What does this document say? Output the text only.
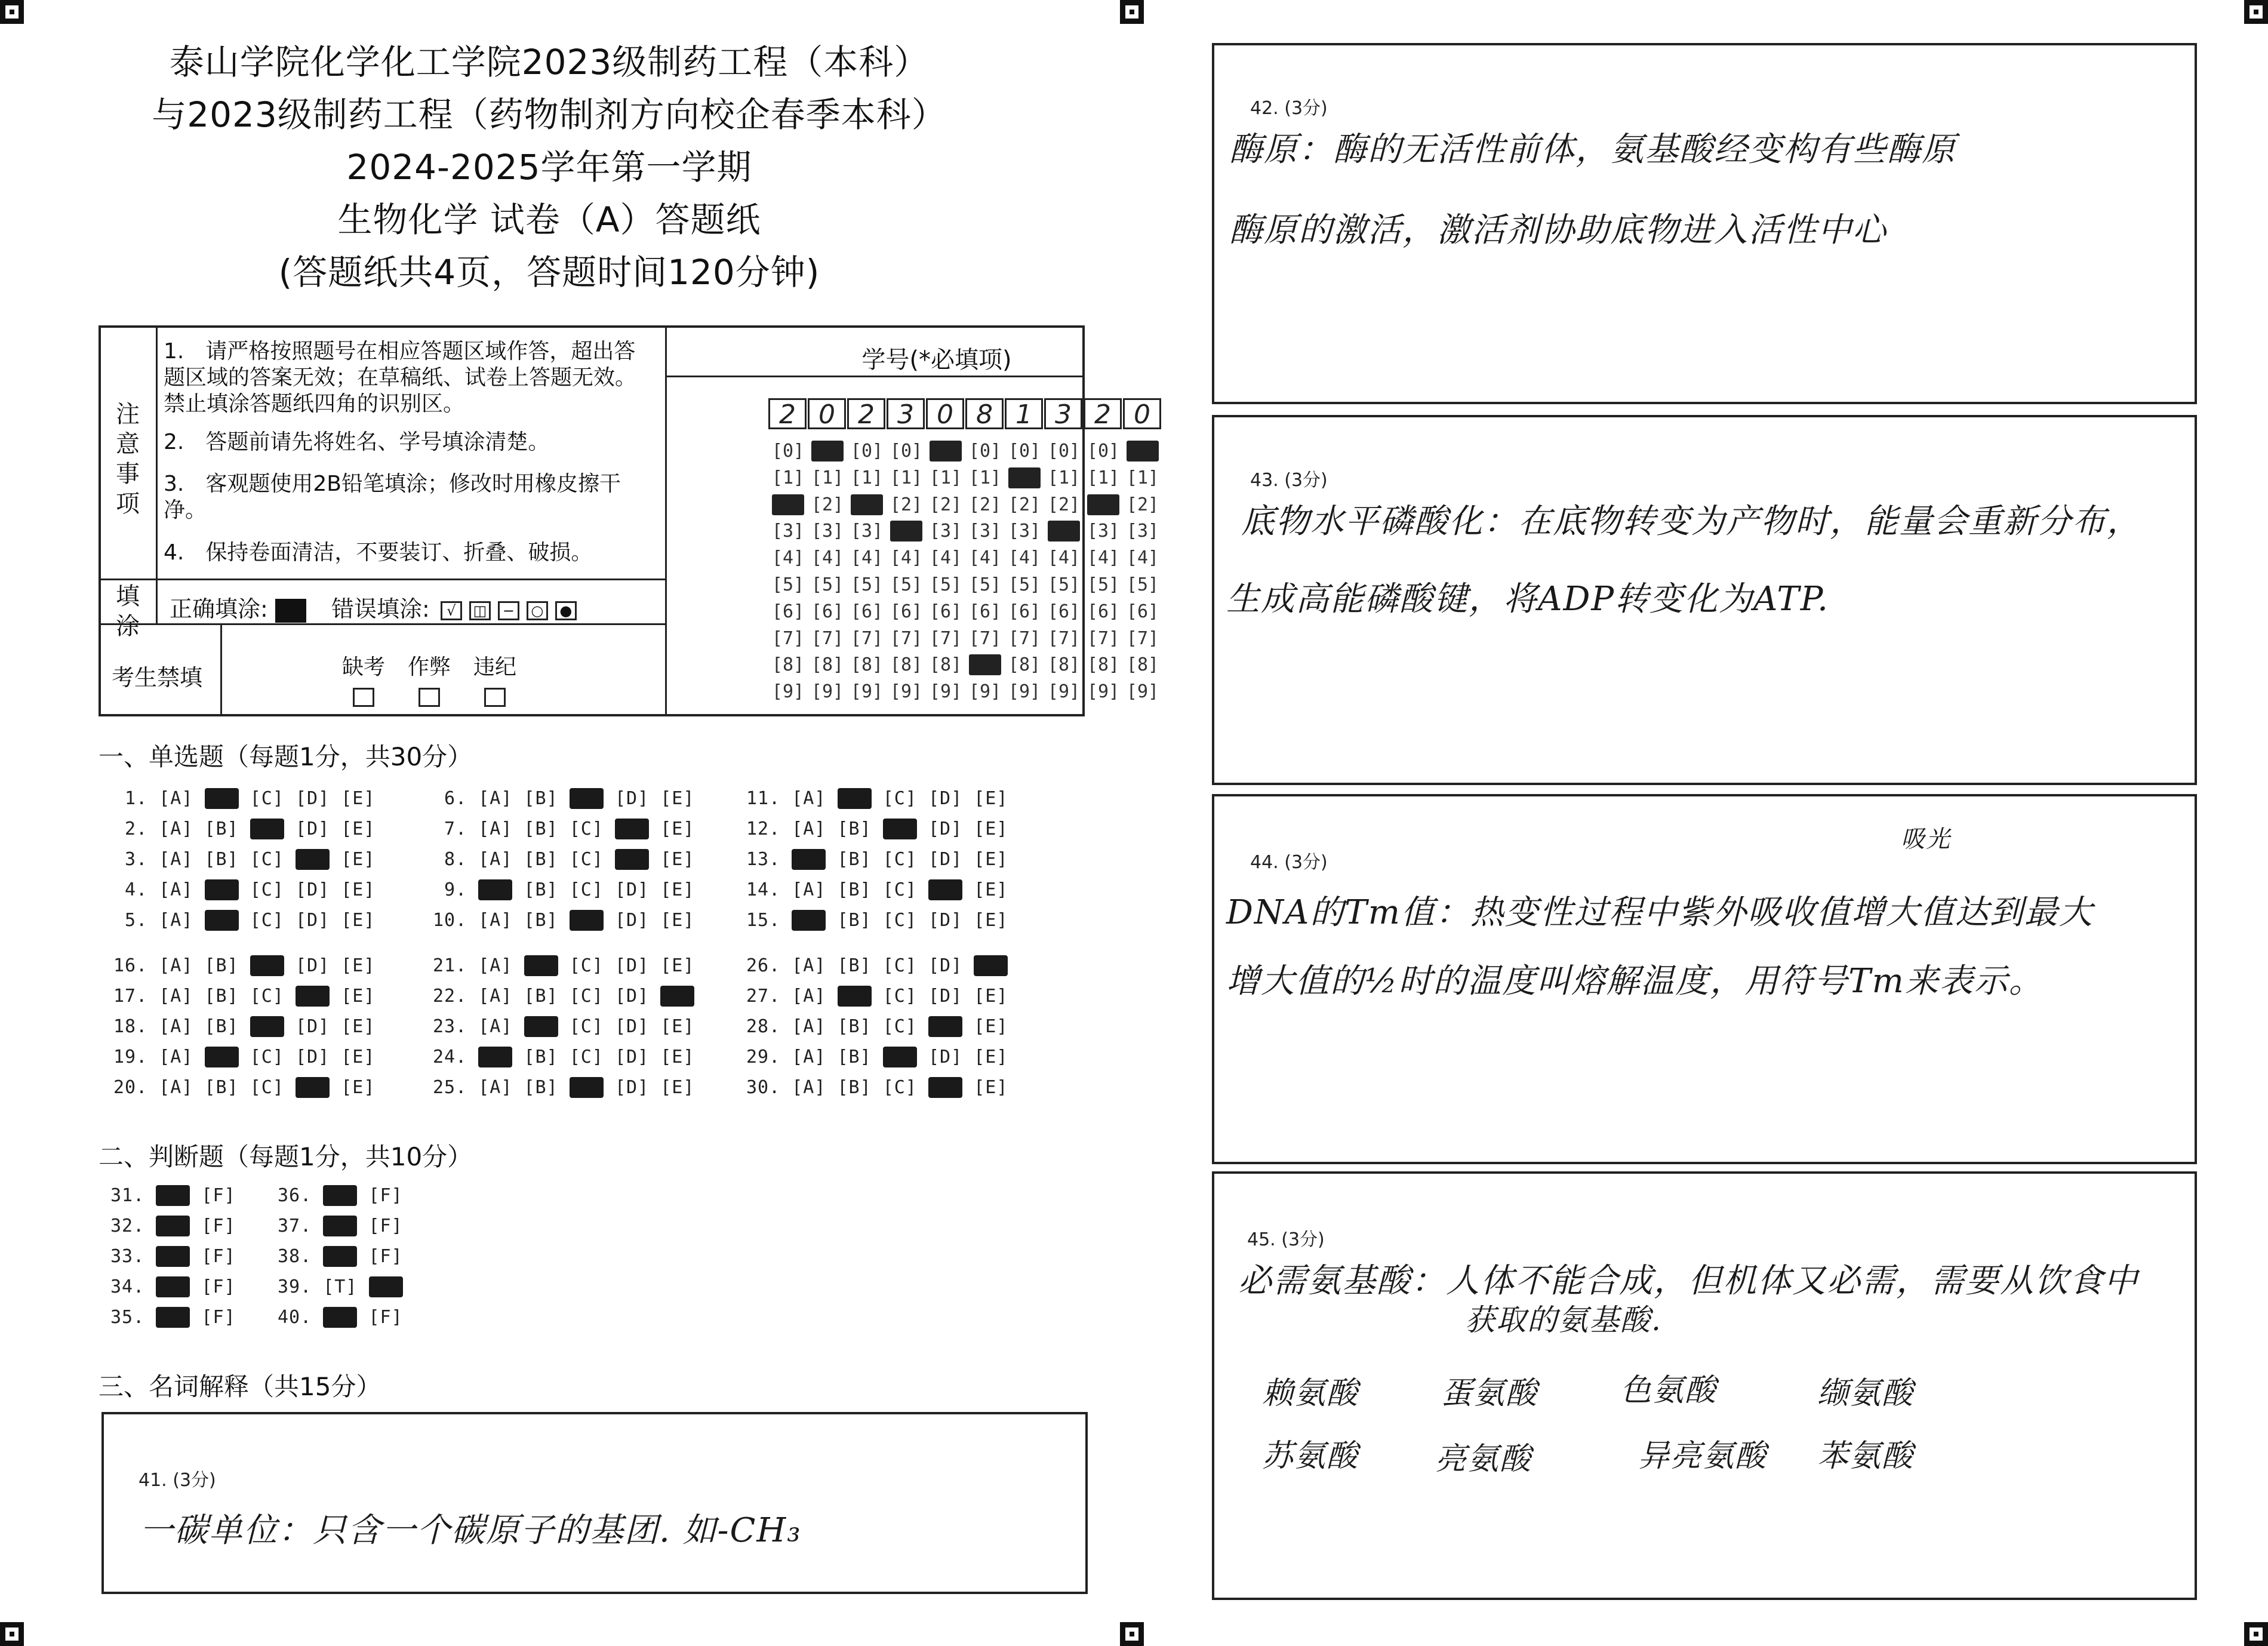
泰山学院化学化工学院2023级制药工程（本科）
与2023级制药工程（药物制剂方向校企春季本科）
2024-2025学年第一学期
生物化学 试卷（A）答题纸
(答题纸共4页，答题时间120分钟)
注意事项
1.　请严格按照题号在相应答题区域作答，超出答题区域的答案无效；在草稿纸、试卷上答题无效。禁止填涂答题纸四角的识别区。
2.　答题前请先将姓名、学号填涂清楚。
3.　客观题使用2B铅笔填涂；修改时用橡皮擦干净。
4.　保持卷面清洁，不要装订、折叠、破损。
填涂
正确填涂:	错误填涂: √ ◫ − ○ ●
考生禁填	缺考	作弊	违纪
学号(*必填项)
2 0 2 3 0 8 1 3 2 0
[0] [0] [0] [0] [0] [0] [0] [0] [0] [0]
[1] [1] [1] [1] [1] [1] [1] [1] [1] [1]
[2] [2] [2] [2] [2] [2] [2] [2] [2] [2]
[3] [3] [3] [3] [3] [3] [3] [3] [3] [3]
[4] [4] [4] [4] [4] [4] [4] [4] [4] [4]
[5] [5] [5] [5] [5] [5] [5] [5] [5] [5]
[6] [6] [6] [6] [6] [6] [6] [6] [6] [6]
[7] [7] [7] [7] [7] [7] [7] [7] [7] [7]
[8] [8] [8] [8] [8] [8] [8] [8] [8] [8]
[9] [9] [9] [9] [9] [9] [9] [9] [9] [9]
一、单选题（每题1分，共30分）
1. [A]	[C] [D] [E]
2. [A] [B]	[D] [E]
3. [A] [B] [C]	[E]
4. [A]	[C] [D] [E]
5. [A]	[C] [D] [E]
6. [A] [B]	[D] [E]
7. [A] [B] [C]	[E]
8. [A] [B] [C]	[E]
9.	[B] [C] [D] [E]
10. [A] [B]	[D] [E]
11. [A]	[C] [D] [E]
12. [A] [B]	[D] [E]
13.	[B] [C] [D] [E]
14. [A] [B] [C]	[E]
15.	[B] [C] [D] [E]
16. [A] [B]	[D] [E]
17. [A] [B] [C]	[E]
18. [A] [B]	[D] [E]
19. [A]	[C] [D] [E]
20. [A] [B] [C]	[E]
21. [A]	[C] [D] [E]
22. [A] [B] [C] [D]
23. [A]	[C] [D] [E]
24.	[B] [C] [D] [E]
25. [A] [B]	[D] [E]
26. [A] [B] [C] [D]
27. [A]	[C] [D] [E]
28. [A] [B] [C]	[E]
29. [A] [B]	[D] [E]
30. [A] [B] [C]	[E]
二、判断题（每题1分，共10分）
31.	[F]
32.	[F]
33.	[F]
34.	[F]
35.	[F]
36.	[F]
37.	[F]
38.	[F]
39. [T]
40.	[F]
三、名词解释（共15分）
41. (3分)
一碳单位：只含一个碳原子的基团. 如-CH₃
42. (3分)
酶原：酶的无活性前体，氨基酸经变构有些酶原
酶原的激活，激活剂协助底物进入活性中心
43. (3分)
底物水平磷酸化：在底物转变为产物时，能量会重新分布，
生成高能磷酸键，将ADP转变化为ATP.
44. (3分)
吸光
DNA的Tm值：热变性过程中紫外吸收值增大值达到最大
增大值的½时的温度叫熔解温度，用符号Tm来表示。
45. (3分)
必需氨基酸：人体不能合成，但机体又必需，需要从饮食中
获取的氨基酸.
赖氨酸	蛋氨酸	色氨酸	缬氨酸
苏氨酸 亮氨酸	异亮氨酸 苯氨酸
